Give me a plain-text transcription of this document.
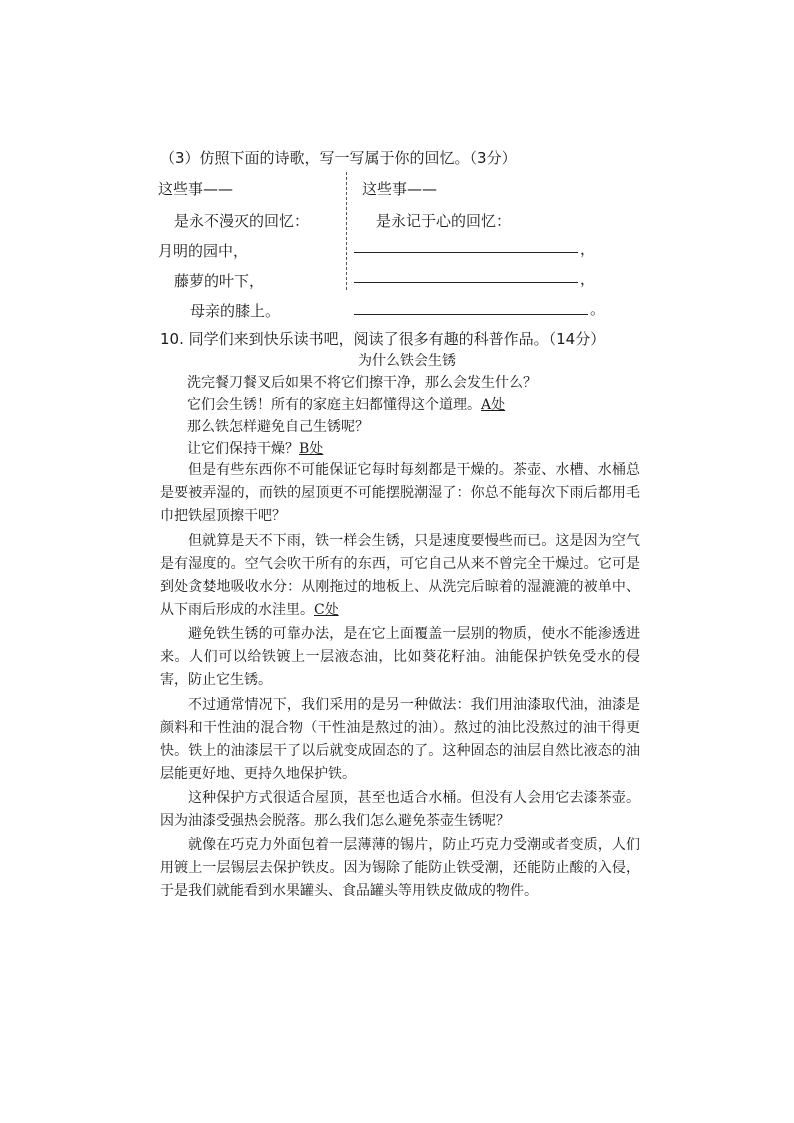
（3）仿照下面的诗歌，写一写属于你的回忆。（3分）
这些事——
是永不漫灭的回忆：
月明的园中，
藤萝的叶下，
母亲的膝上。
这些事——
是永记于心的回忆：
，
，
。
10. 同学们来到快乐读书吧，阅读了很多有趣的科普作品。（14分）
为什么铁会生锈
洗完餐刀餐叉后如果不将它们擦干净，那么会发生什么？
它们会生锈！所有的家庭主妇都懂得这个道理。A处
那么铁怎样避免自己生锈呢？
让它们保持干燥？B处
但是有些东西你不可能保证它每时每刻都是干燥的。茶壶、水槽、水桶总是要被弄湿的，而铁的屋顶更不可能摆脱潮湿了：你总不能每次下雨后都用毛巾把铁屋顶擦干吧？
但就算是天不下雨，铁一样会生锈，只是速度要慢些而已。这是因为空气是有湿度的。空气会吹干所有的东西，可它自己从来不曾完全干燥过。它可是到处贪婪地吸收水分：从刚拖过的地板上、从洗完后晾着的湿漉漉的被单中、从下雨后形成的水洼里。C处
避免铁生锈的可靠办法，是在它上面覆盖一层别的物质，使水不能渗透进来。人们可以给铁镀上一层液态油，比如葵花籽油。油能保护铁免受水的侵害，防止它生锈。
不过通常情况下，我们采用的是另一种做法：我们用油漆取代油，油漆是颜料和干性油的混合物（干性油是熬过的油）。熬过的油比没熬过的油干得更快。铁上的油漆层干了以后就变成固态的了。这种固态的油层自然比液态的油层能更好地、更持久地保护铁。
这种保护方式很适合屋顶，甚至也适合水桶。但没有人会用它去漆茶壶。因为油漆受强热会脱落。那么我们怎么避免茶壶生锈呢？
就像在巧克力外面包着一层薄薄的锡片，防止巧克力受潮或者变质，人们用镀上一层锡层去保护铁皮。因为锡除了能防止铁受潮，还能防止酸的入侵，于是我们就能看到水果罐头、食品罐头等用铁皮做成的物件。
